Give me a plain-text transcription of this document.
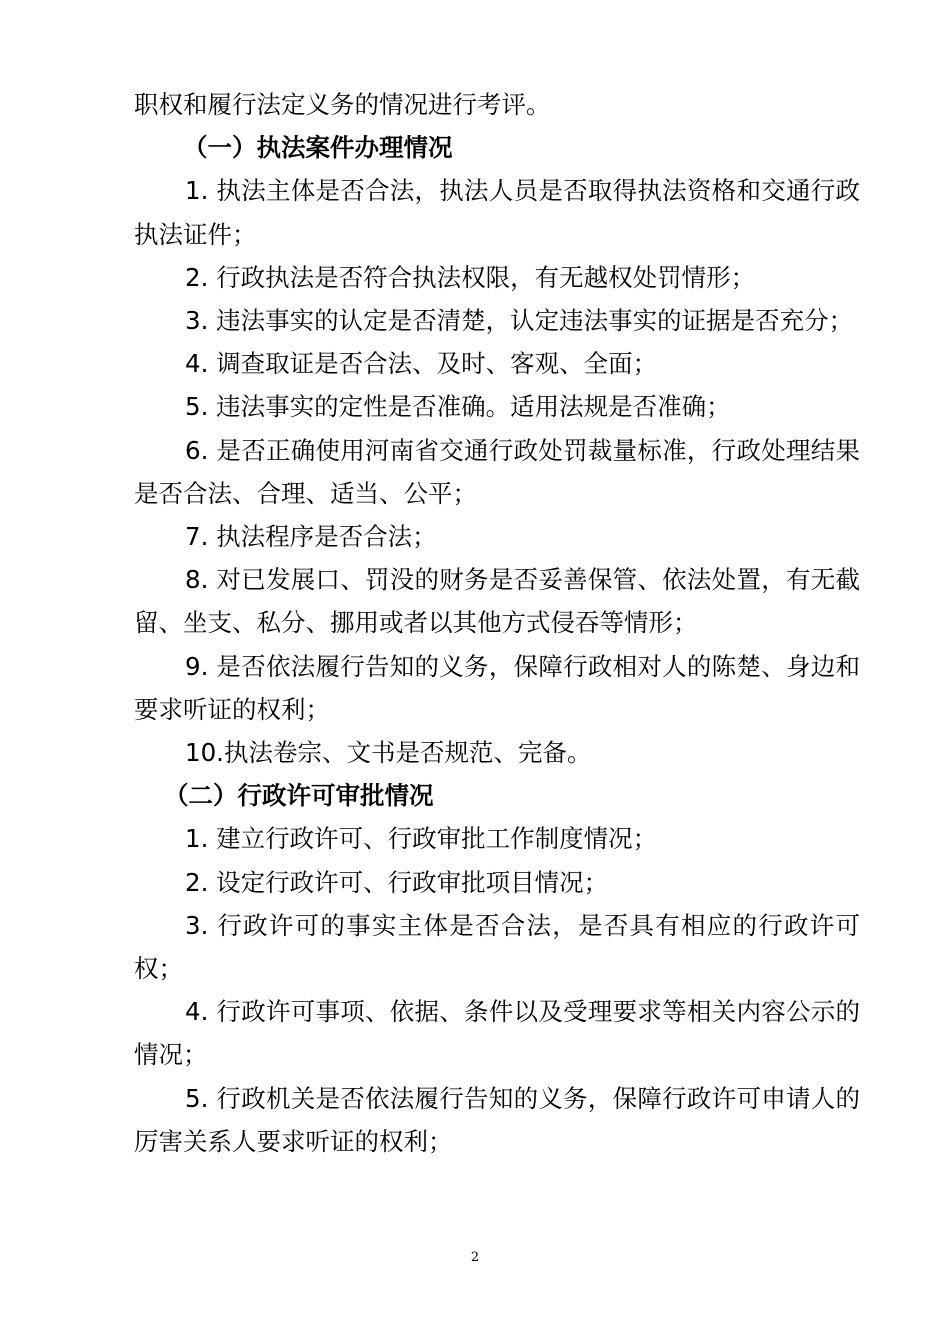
职权和履行法定义务的情况进行考评。

（一）执法案件办理情况

1. 执法主体是否合法，执法人员是否取得执法资格和交通行政执法证件；

2. 行政执法是否符合执法权限，有无越权处罚情形；

3. 违法事实的认定是否清楚，认定违法事实的证据是否充分；

4. 调查取证是否合法、及时、客观、全面；

5. 违法事实的定性是否准确。适用法规是否准确；

6. 是否正确使用河南省交通行政处罚裁量标准，行政处理结果是否合法、合理、适当、公平；

7. 执法程序是否合法；

8. 对已发展口、罚没的财务是否妥善保管、依法处置，有无截留、坐支、私分、挪用或者以其他方式侵吞等情形；

9. 是否依法履行告知的义务，保障行政相对人的陈楚、身边和要求听证的权利；

10.执法卷宗、文书是否规范、完备。

（二）行政许可审批情况

1. 建立行政许可、行政审批工作制度情况；

2. 设定行政许可、行政审批项目情况；

3. 行政许可的事实主体是否合法，是否具有相应的行政许可权；

4. 行政许可事项、依据、条件以及受理要求等相关内容公示的情况；

5. 行政机关是否依法履行告知的义务，保障行政许可申请人的厉害关系人要求听证的权利；

2
